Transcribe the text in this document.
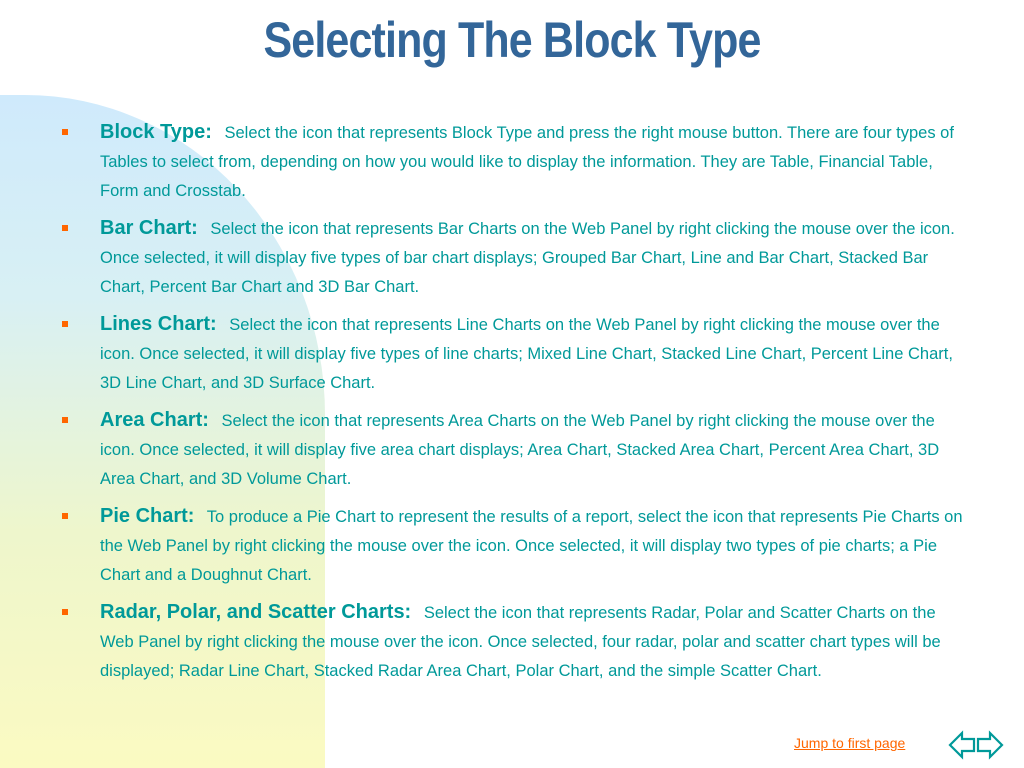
Selecting The Block Type
Block Type: Select the icon that represents Block Type and press the right mouse button. There are four types of Tables to select from, depending on how you would like to display the information. They are Table, Financial Table, Form and Crosstab.
Bar Chart: Select the icon that represents Bar Charts on the Web Panel by right clicking the mouse over the icon. Once selected, it will display five types of bar chart displays; Grouped Bar Chart, Line and Bar Chart, Stacked Bar Chart, Percent Bar Chart and 3D Bar Chart.
Lines Chart: Select the icon that represents Line Charts on the Web Panel by right clicking the mouse over the icon. Once selected, it will display five types of line charts; Mixed Line Chart, Stacked Line Chart, Percent Line Chart, 3D Line Chart, and 3D Surface Chart.
Area Chart: Select the icon that represents Area Charts on the Web Panel by right clicking the mouse over the icon. Once selected, it will display five area chart displays; Area Chart, Stacked Area Chart, Percent Area Chart, 3D Area Chart, and 3D Volume Chart.
Pie Chart: To produce a Pie Chart to represent the results of a report, select the icon that represents Pie Charts on the Web Panel by right clicking the mouse over the icon. Once selected, it will display two types of pie charts; a Pie Chart and a Doughnut Chart.
Radar, Polar, and Scatter Charts: Select the icon that represents Radar, Polar and Scatter Charts on the Web Panel by right clicking the mouse over the icon. Once selected, four radar, polar and scatter chart types will be displayed; Radar Line Chart, Stacked Radar Area Chart, Polar Chart, and the simple Scatter Chart.
Jump to first page
